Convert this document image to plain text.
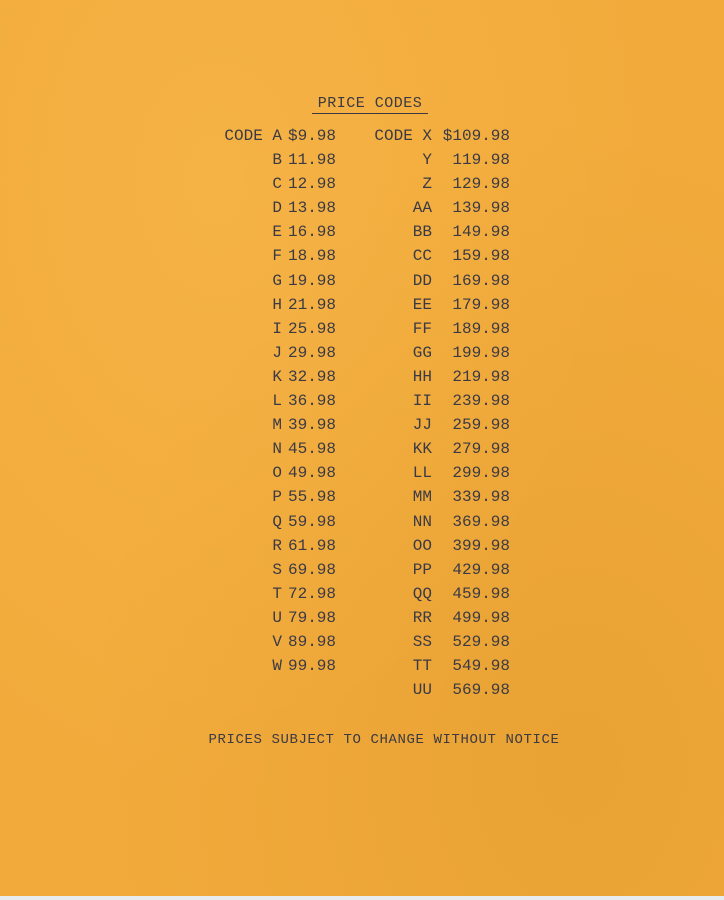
PRICE CODES
CODE A $9.98
B 11.98
C 12.98
D 13.98
E 16.98
F 18.98
G 19.98
H 21.98
I 25.98
J 29.98
K 32.98
L 36.98
M 39.98
N 45.98
O 49.98
P 55.98
Q 59.98
R 61.98
S 69.98
T 72.98
U 79.98
V 89.98
W 99.98
CODE X $109.98
Y 119.98
Z 129.98
AA 139.98
BB 149.98
CC 159.98
DD 169.98
EE 179.98
FF 189.98
GG 199.98
HH 219.98
II 239.98
JJ 259.98
KK 279.98
LL 299.98
MM 339.98
NN 369.98
OO 399.98
PP 429.98
QQ 459.98
RR 499.98
SS 529.98
TT 549.98
UU 569.98
PRICES SUBJECT TO CHANGE WITHOUT NOTICE
